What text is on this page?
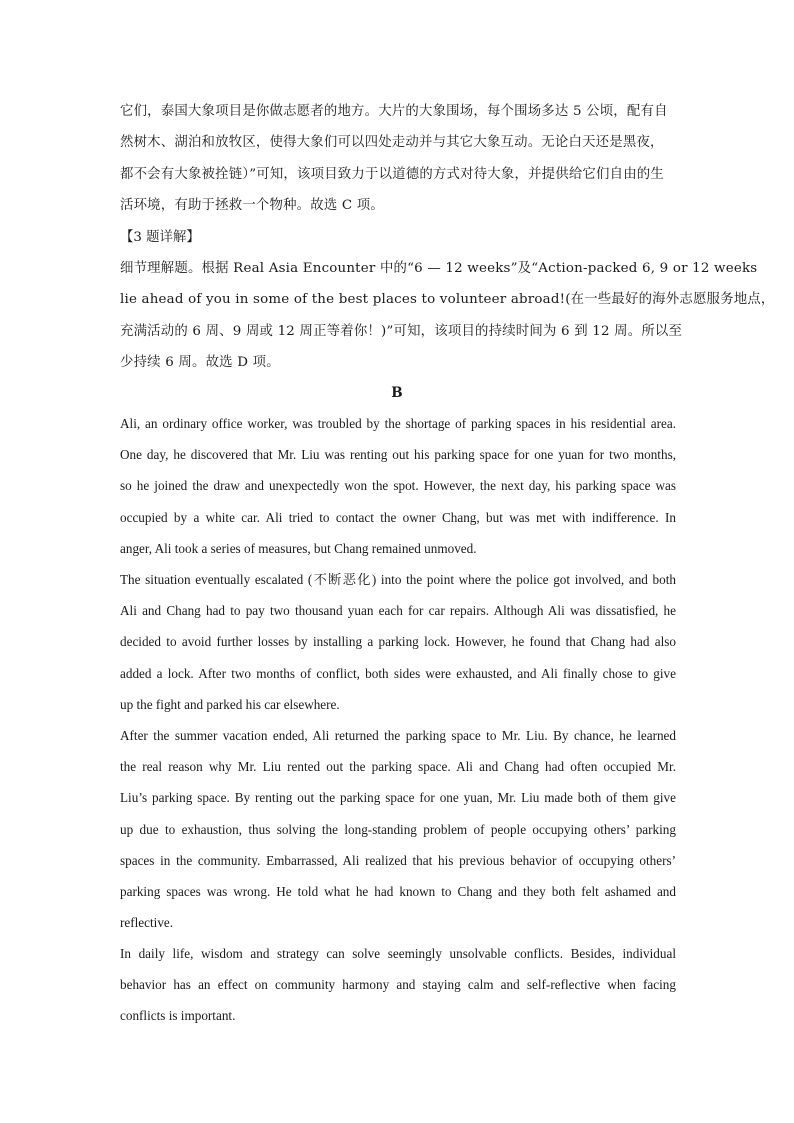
它们，泰国大象项目是你做志愿者的地方。大片的大象围场，每个围场多达 5 公顷，配有自
然树木、湖泊和放牧区，使得大象们可以四处走动并与其它大象互动。无论白天还是黑夜，
都不会有大象被拴链）”可知，该项目致力于以道德的方式对待大象，并提供给它们自由的生
活环境，有助于拯救一个物种。故选 C 项。
【3 题详解】
细节理解题。根据 Real Asia Encounter 中的“6 — 12 weeks”及“Action-packed 6, 9 or 12 weeks
lie ahead of you in some of the best places to volunteer abroad!(在一些最好的海外志愿服务地点，
充满活动的 6 周、9 周或 12 周正等着你！)”可知，该项目的持续时间为 6 到 12 周。所以至
少持续 6 周。故选 D 项。
B
Ali, an ordinary office worker, was troubled by the shortage of parking spaces in his residential area.
One day, he discovered that Mr. Liu was renting out his parking space for one yuan for two months,
so he joined the draw and unexpectedly won the spot. However, the next day, his parking space was
occupied by a white car. Ali tried to contact the owner Chang, but was met with indifference. In
anger, Ali took a series of measures, but Chang remained unmoved.
The situation eventually escalated (不断恶化) into the point where the police got involved, and both
Ali and Chang had to pay two thousand yuan each for car repairs. Although Ali was dissatisfied, he
decided to avoid further losses by installing a parking lock. However, he found that Chang had also
added a lock. After two months of conflict, both sides were exhausted, and Ali finally chose to give
up the fight and parked his car elsewhere.
After the summer vacation ended, Ali returned the parking space to Mr. Liu. By chance, he learned
the real reason why Mr. Liu rented out the parking space. Ali and Chang had often occupied Mr.
Liu’s parking space. By renting out the parking space for one yuan, Mr. Liu made both of them give
up due to exhaustion, thus solving the long-standing problem of people occupying others’ parking
spaces in the community. Embarrassed, Ali realized that his previous behavior of occupying others’
parking spaces was wrong. He told what he had known to Chang and they both felt ashamed and
reflective.
In daily life, wisdom and strategy can solve seemingly unsolvable conflicts. Besides, individual
behavior has an effect on community harmony and staying calm and self-reflective when facing
conflicts is important.
